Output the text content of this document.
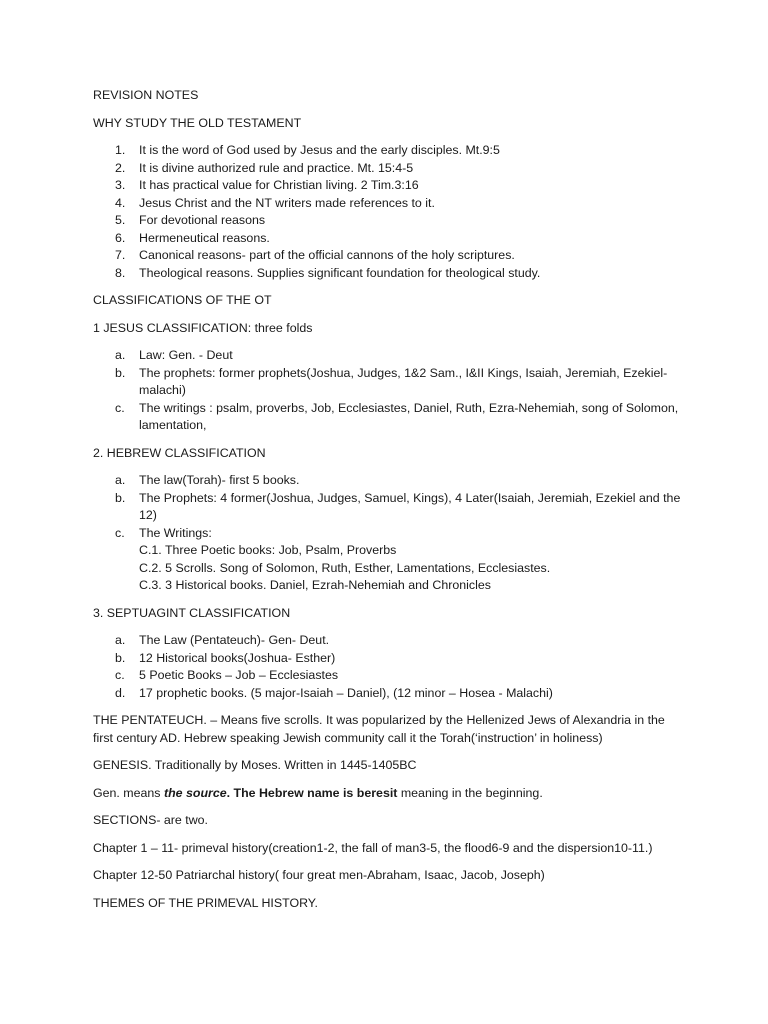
REVISION NOTES

WHY STUDY THE OLD TESTAMENT

1. It is the word of God used by Jesus and the early disciples. Mt.9:5
2. It is divine authorized rule and practice. Mt. 15:4-5
3. It has practical value for Christian living. 2 Tim.3:16
4. Jesus Christ and the NT writers made references to it.
5. For devotional reasons
6. Hermeneutical reasons.
7. Canonical reasons- part of the official cannons of the holy scriptures.
8. Theological reasons. Supplies significant foundation for theological study.

CLASSIFICATIONS OF THE OT

1 JESUS CLASSIFICATION: three folds

a. Law: Gen. - Deut
b. The prophets: former prophets(Joshua, Judges, 1&2 Sam., I&II Kings, Isaiah, Jeremiah, Ezekiel-malachi)
c. The writings : psalm, proverbs, Job, Ecclesiastes, Daniel, Ruth, Ezra-Nehemiah, song of Solomon, lamentation,

2. HEBREW CLASSIFICATION

a. The law(Torah)- first 5 books.
b. The Prophets: 4 former(Joshua, Judges, Samuel, Kings), 4 Later(Isaiah, Jeremiah, Ezekiel and the 12)
c. The Writings:
C.1. Three Poetic books: Job, Psalm, Proverbs
C.2. 5 Scrolls. Song of Solomon, Ruth, Esther, Lamentations, Ecclesiastes.
C.3. 3 Historical books. Daniel, Ezrah-Nehemiah and Chronicles

3. SEPTUAGINT CLASSIFICATION

a. The Law (Pentateuch)- Gen- Deut.
b. 12 Historical books(Joshua- Esther)
c. 5 Poetic Books – Job – Ecclesiastes
d. 17 prophetic books. (5 major-Isaiah – Daniel), (12 minor – Hosea - Malachi)

THE PENTATEUCH. – Means five scrolls. It was popularized by the Hellenized Jews of Alexandria in the first century AD. Hebrew speaking Jewish community call it the Torah(‘instruction’ in holiness)

GENESIS. Traditionally by Moses. Written in 1445-1405BC

Gen. means the source. The Hebrew name is beresit meaning in the beginning.

SECTIONS- are two.

Chapter 1 – 11- primeval history(creation1-2, the fall of man3-5, the flood6-9 and the dispersion10-11.)

Chapter 12-50 Patriarchal history( four great men-Abraham, Isaac, Jacob, Joseph)

THEMES OF THE PRIMEVAL HISTORY.
